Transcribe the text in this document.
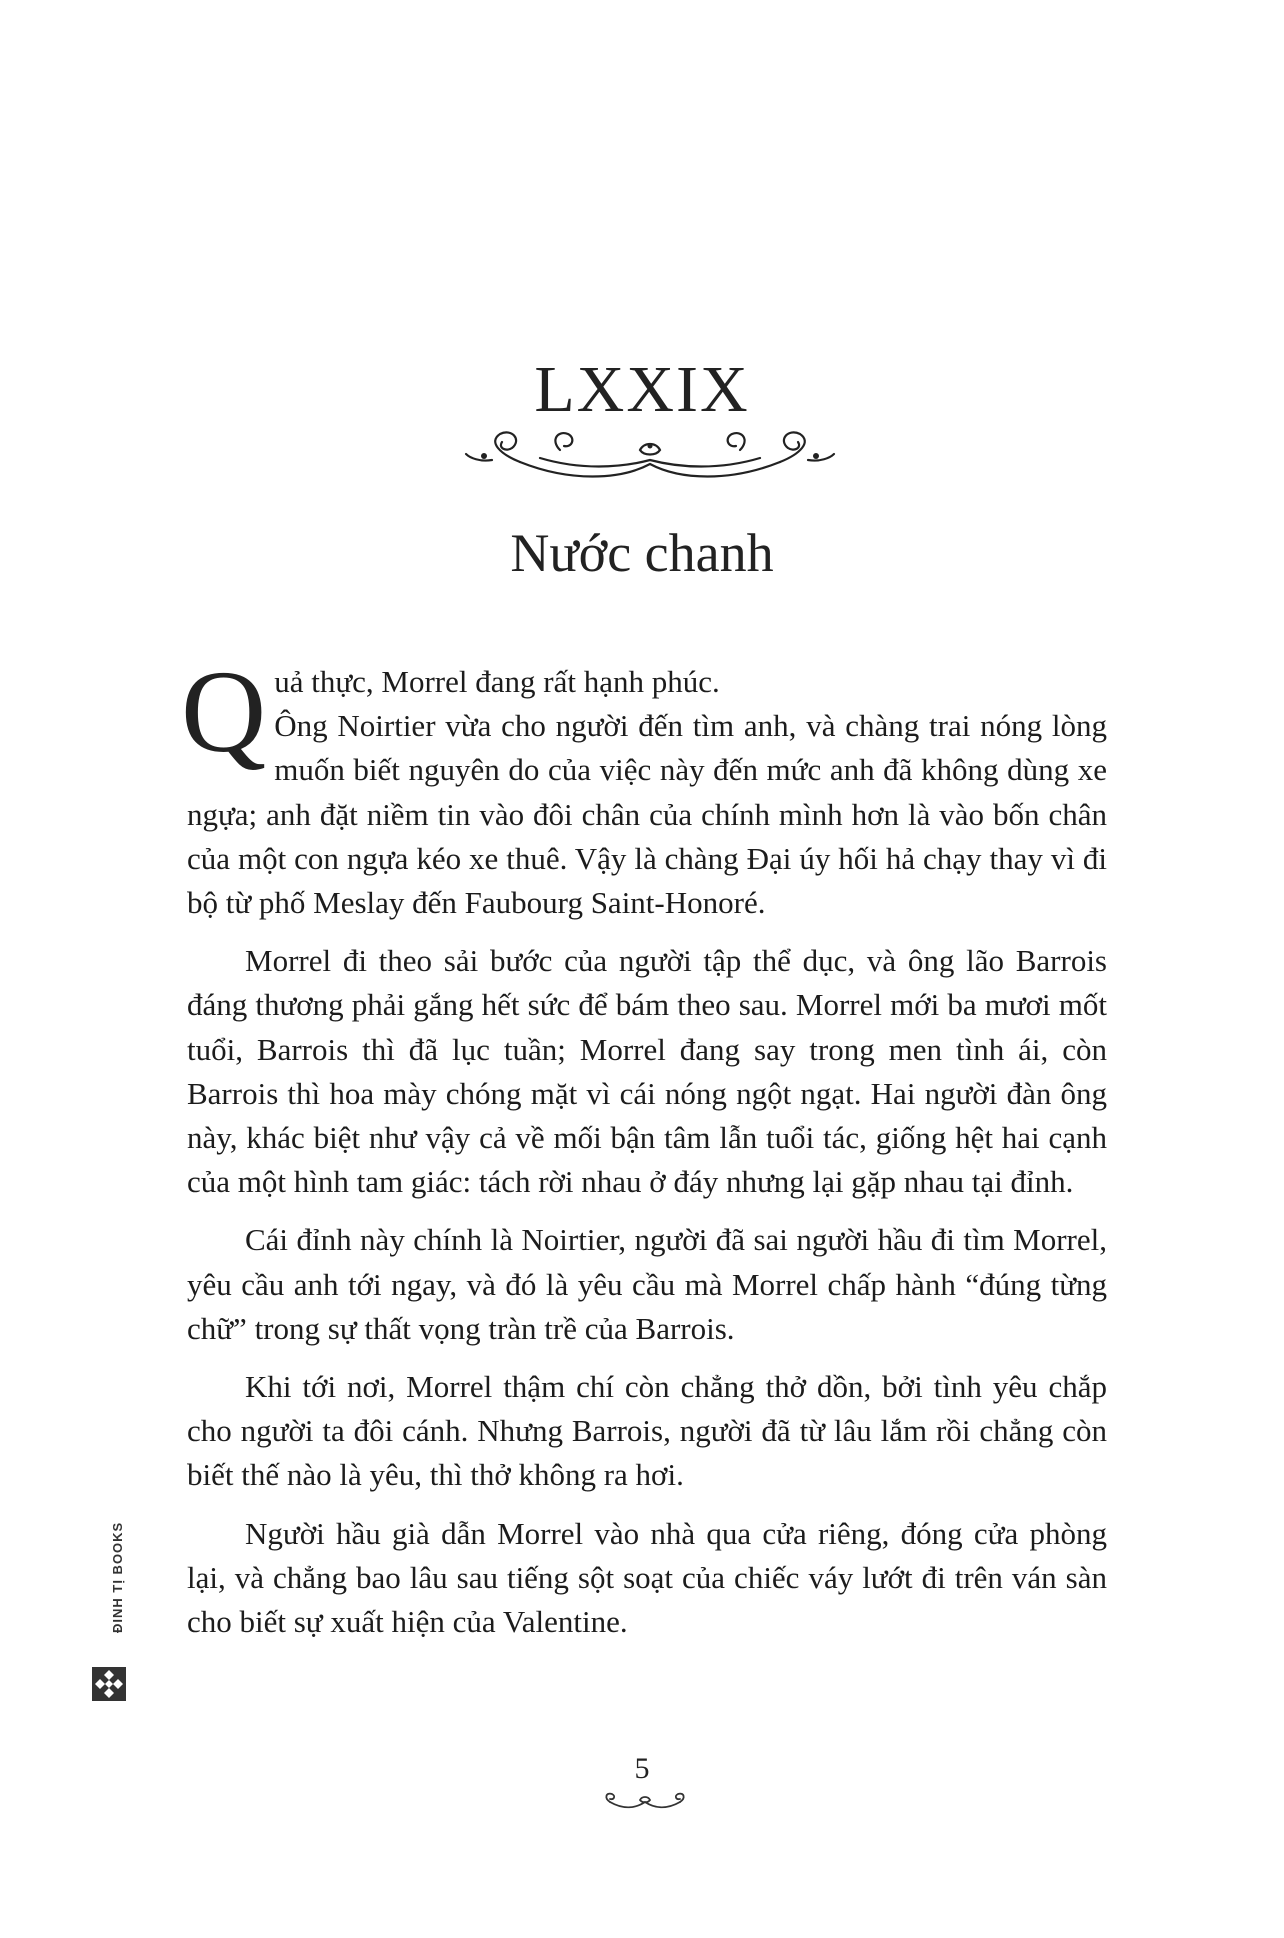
LXXIX
Nước chanh

Quả thực, Morrel đang rất hạnh phúc.
Ông Noirtier vừa cho người đến tìm anh, và chàng trai nóng lòng muốn biết nguyên do của việc này đến mức anh đã không dùng xe ngựa; anh đặt niềm tin vào đôi chân của chính mình hơn là vào bốn chân của một con ngựa kéo xe thuê. Vậy là chàng Đại úy hối hả chạy thay vì đi bộ từ phố Meslay đến Faubourg Saint-Honoré.

Morrel đi theo sải bước của người tập thể dục, và ông lão Barrois đáng thương phải gắng hết sức để bám theo sau. Morrel mới ba mươi mốt tuổi, Barrois thì đã lục tuần; Morrel đang say trong men tình ái, còn Barrois thì hoa mày chóng mặt vì cái nóng ngột ngạt. Hai người đàn ông này, khác biệt như vậy cả về mối bận tâm lẫn tuổi tác, giống hệt hai cạnh của một hình tam giác: tách rời nhau ở đáy nhưng lại gặp nhau tại đỉnh.

Cái đỉnh này chính là Noirtier, người đã sai người hầu đi tìm Morrel, yêu cầu anh tới ngay, và đó là yêu cầu mà Morrel chấp hành “đúng từng chữ” trong sự thất vọng tràn trề của Barrois.

Khi tới nơi, Morrel thậm chí còn chẳng thở dồn, bởi tình yêu chắp cho người ta đôi cánh. Nhưng Barrois, người đã từ lâu lắm rồi chẳng còn biết thế nào là yêu, thì thở không ra hơi.

Người hầu già dẫn Morrel vào nhà qua cửa riêng, đóng cửa phòng lại, và chẳng bao lâu sau tiếng sột soạt của chiếc váy lướt đi trên ván sàn cho biết sự xuất hiện của Valentine.

5
ĐINH TỊ BOOKS
